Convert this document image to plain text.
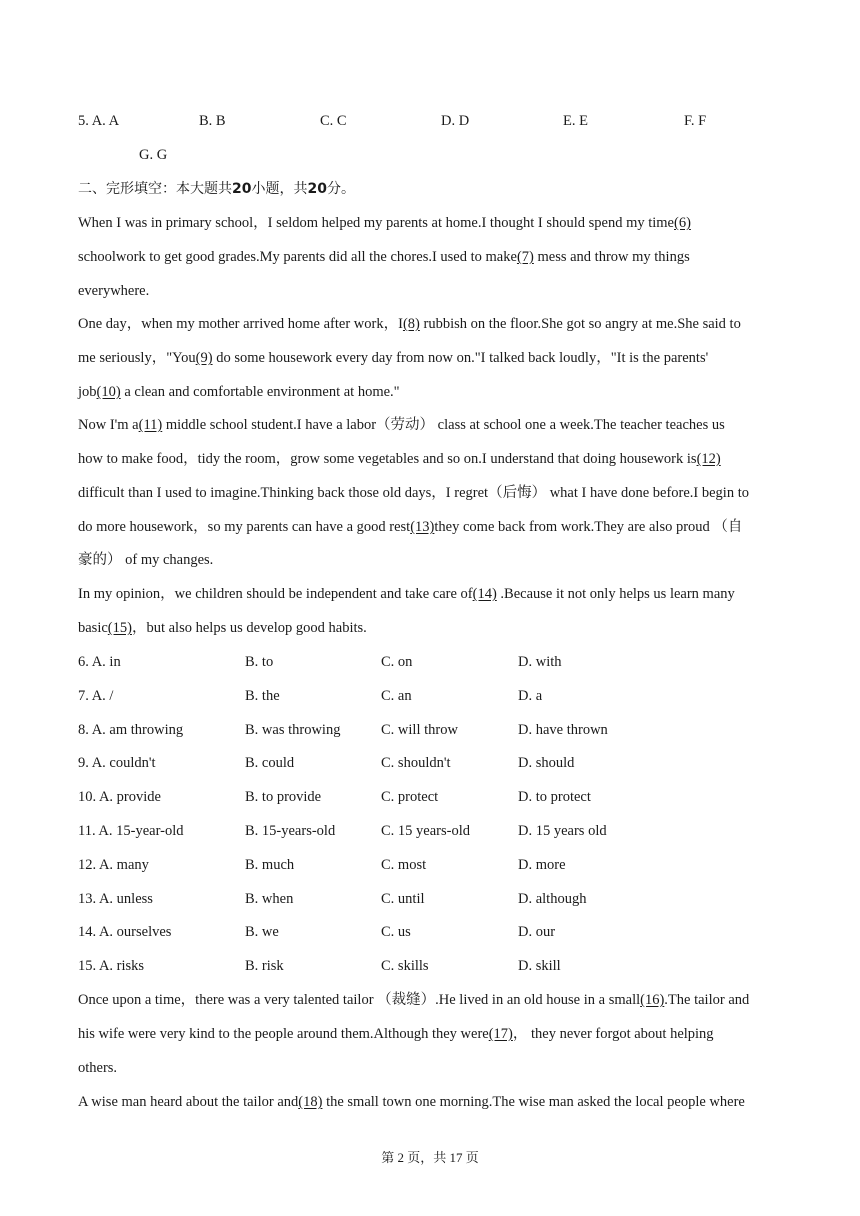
5. A. A	B. B	C. C	D. D	E. E	F. F
G. G
二、完形填空：本大题共20小题，共20分。
When I was in primary school，I seldom helped my parents at home.I thought I should spend my time(6)
schoolwork to get good grades.My parents did all the chores.I used to make(7) mess and throw my things
everywhere.
One day，when my mother arrived home after work，I(8) rubbish on the floor.She got so angry at me.She said to
me seriously，"You(9) do some housework every day from now on."I talked back loudly，"It is the parents'
job(10) a clean and comfortable environment at home."
Now I'm a(11) middle school student.I have a labor（劳动） class at school one a week.The teacher teaches us
how to make food，tidy the room，grow some vegetables and so on.I understand that doing housework is(12)
difficult than I used to imagine.Thinking back those old days，I regret（后悔） what I have done before.I begin to
do more housework，so my parents can have a good rest(13)they come back from work.They are also proud （自
豪的） of my changes.
In my opinion，we children should be independent and take care of(14) .Because it not only helps us learn many
basic(15)，but also helps us develop good habits.
6. A. in	B. to	C. on	D. with
7. A. /	B. the	C. an	D. a
8. A. am throwing	B. was throwing	C. will throw	D. have thrown
9. A. couldn't	B. could	C. shouldn't	D. should
10. A. provide	B. to provide	C. protect	D. to protect
11. A. 15-year-old	B. 15-years-old	C. 15 years-old	D. 15 years old
12. A. many	B. much	C. most	D. more
13. A. unless	B. when	C. until	D. although
14. A. ourselves	B. we	C. us	D. our
15. A. risks	B. risk	C. skills	D. skill
Once upon a time，there was a very talented tailor （裁缝）.He lived in an old house in a small(16).The tailor and
his wife were very kind to the people around them.Although they were(17)， they never forgot about helping
others.
A wise man heard about the tailor and(18) the small town one morning.The wise man asked the local people where
第 2 页，共 17 页
